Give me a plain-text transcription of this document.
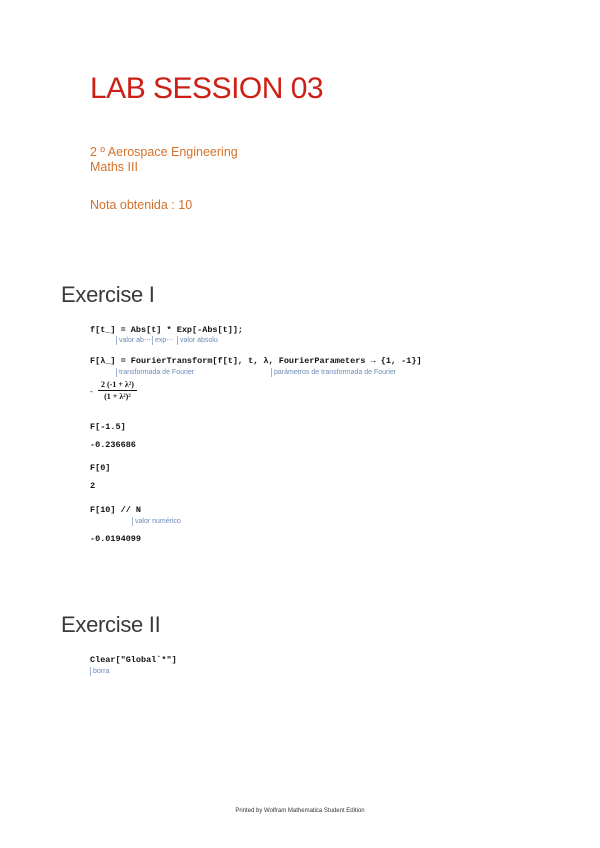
LAB SESSION 03
2 º Aerospace Engineering
Maths III
Nota obtenida : 10
Exercise I
f[t_] = Abs[t] * Exp[-Abs[t]];
valor ab⋯ exp⋯ valor absolu
F[λ_] = FourierTransform[f[t], t, λ, FourierParameters → {1, -1}]
transformada de Fourier	parámetros de transformada de Fourier
- $\frac{\text{2 (-1 + λ²)}}{\text{(1 + λ²)²}}$
F[-1.5]
-0.236686
F[0]
2
F[10] // N
valor numérico
-0.0194099
Exercise II
Clear["Global`*"]
borra
Printed by Wolfram Mathematica Student Edition
